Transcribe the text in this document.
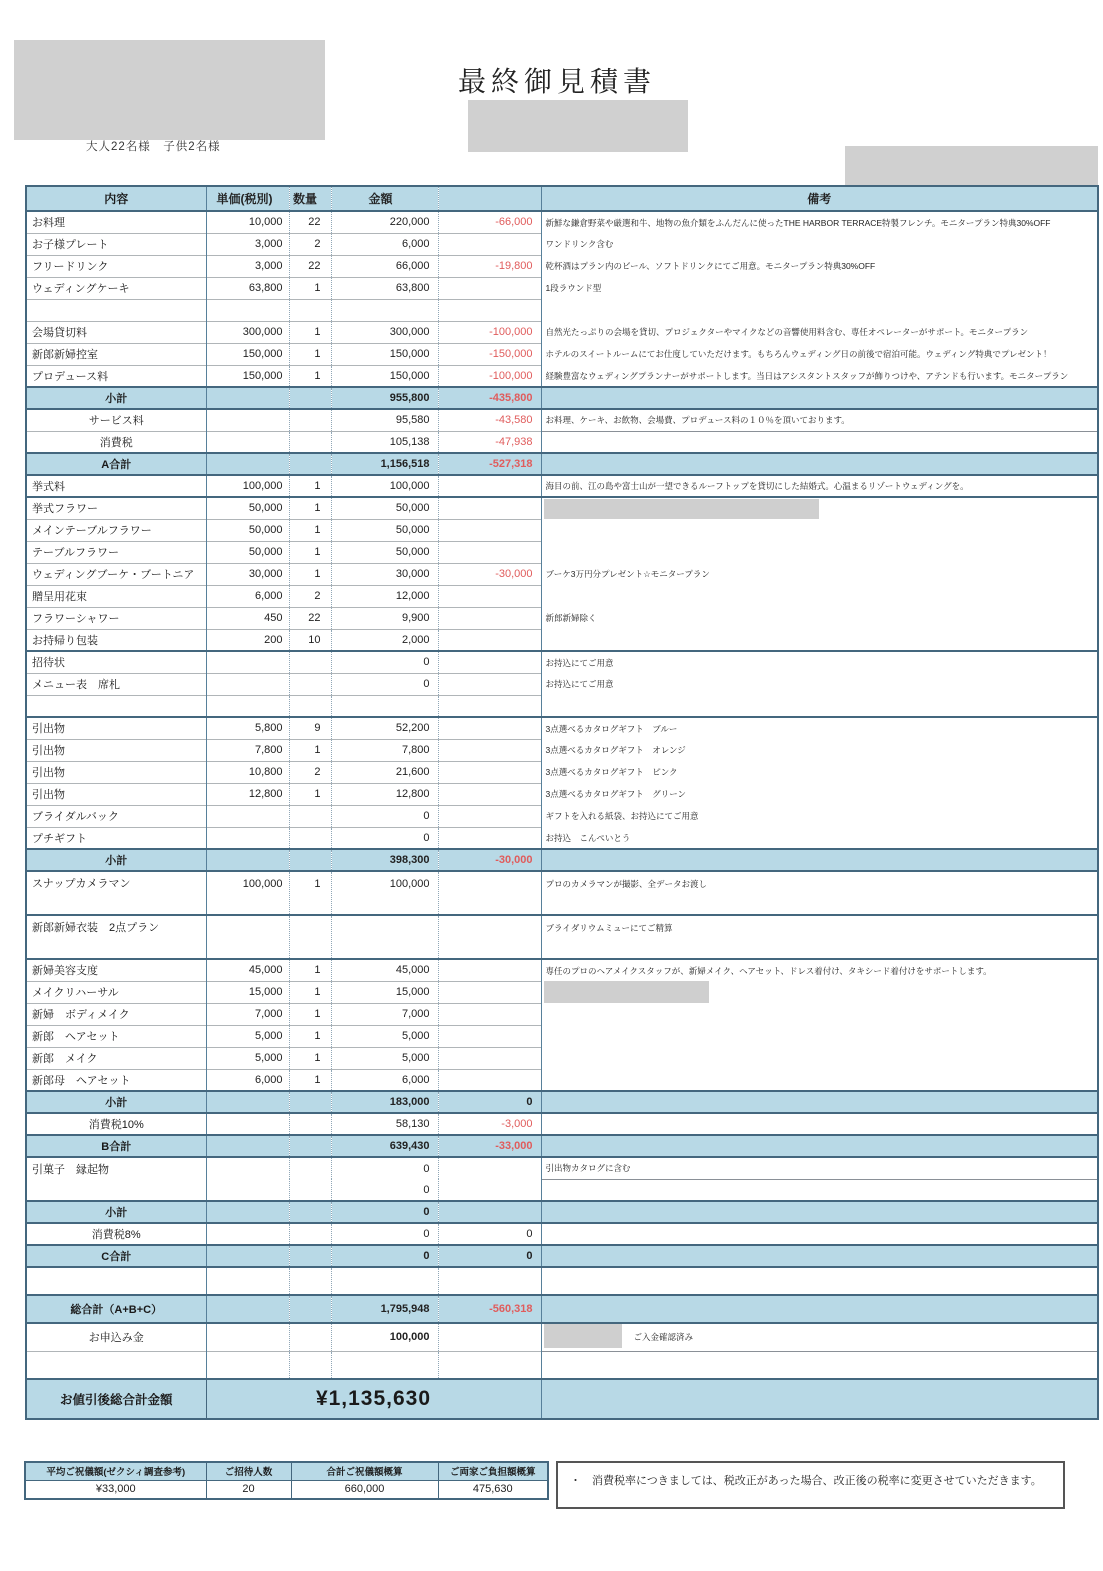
最終御見積書
大人22名様　子供2名様
内容	単価(税別)	数量	金額		備考
お料理	10,000	22	220,000	-66,000	新鮮な鎌倉野菜や厳選和牛、地物の魚介類をふんだんに使ったTHE HARBOR TERRACE特製フレンチ。モニタープラン特典30%OFF
お子様プレート	3,000	2	6,000		ワンドリンク含む
フリードリンク	3,000	22	66,000	-19,800	乾杯酒はプラン内のビール、ソフトドリンクにてご用意。モニタープラン特典30%OFF
ウェディングケーキ	63,800	1	63,800		1段ラウンド型

会場貸切料	300,000	1	300,000	-100,000	自然光たっぷりの会場を貸切、プロジェクターやマイクなどの音響使用料含む、専任オペレーターがサポート。モニタープラン
新郎新婦控室	150,000	1	150,000	-150,000	ホテルのスイートルームにてお仕度していただけます。もちろんウェディング日の前後で宿泊可能。ウェディング特典でプレゼント！
プロデュース料	150,000	1	150,000	-100,000	経験豊富なウェディングプランナーがサポートします。当日はアシスタントスタッフが飾りつけや、アテンドも行います。モニタープラン
小計			955,800	-435,800	
サービス料			95,580	-43,580	お料理、ケーキ、お飲物、会場費、プロデュース料の１０％を頂いております。
消費税			105,138	-47,938	
A合計			1,156,518	-527,318	
挙式料	100,000	1	100,000		海目の前、江の島や富士山が一望できるルーフトップを貸切にした結婚式。心温まるリゾートウェディングを。
挙式フラワー	50,000	1	50,000		

メインテーブルフラワー	50,000	1	50,000		
テーブルフラワー	50,000	1	50,000		
ウェディングブーケ・ブートニア	30,000	1	30,000	-30,000	ブーケ3万円分プレゼント☆モニタープラン
贈呈用花束	6,000	2	12,000		
フラワーシャワー	450	22	9,900		新郎新婦除く
お持帰り包装	200	10	2,000		
招待状			0		お持込にてご用意
メニュー表　席札			0		お持込にてご用意

引出物	5,800	9	52,200		3点選べるカタログギフト　ブルー
引出物	7,800	1	7,800		3点選べるカタログギフト　オレンジ
引出物	10,800	2	21,600		3点選べるカタログギフト　ピンク
引出物	12,800	1	12,800		3点選べるカタログギフト　グリーン
ブライダルバック			0		ギフトを入れる紙袋、お持込にてご用意
プチギフト			0		お持込　こんぺいとう
小計			398,300	-30,000	
スナップカメラマン	100,000	1	100,000		プロのカメラマンが撮影、全データお渡し
新郎新婦衣装　2点プラン					ブライダリウムミューにてご精算
新婦美容支度	45,000	1	45,000		専任のプロのヘアメイクスタッフが、新婦メイク、ヘアセット、ドレス着付け、タキシード着付けをサポートします。
メイクリハーサル	15,000	1	15,000		

新婦　ボディメイク	7,000	1	7,000		
新郎　ヘアセット	5,000	1	5,000		
新郎　メイク	5,000	1	5,000		
新郎母　ヘアセット	6,000	1	6,000		
小計			183,000	0	
消費税10%			58,130	-3,000	
B合計			639,430	-33,000	
引菓子　縁起物			0		引出物カタログに含む
			0		
小計			0		
消費税8%			0	0	
C合計			0	0	

総合計（A+B+C）			1,795,948	-560,318	
お申込み金			100,000		ご入金確認済み

お値引後総合計金額	¥1,135,630				
平均ご祝儀額(ゼクシィ調査参考)	ご招待人数	合計ご祝儀額概算	ご両家ご負担額概算
¥33,000	20	660,000	475,630
・　消費税率につきましては、税改正があった場合、改正後の税率に変更させていただきます。
